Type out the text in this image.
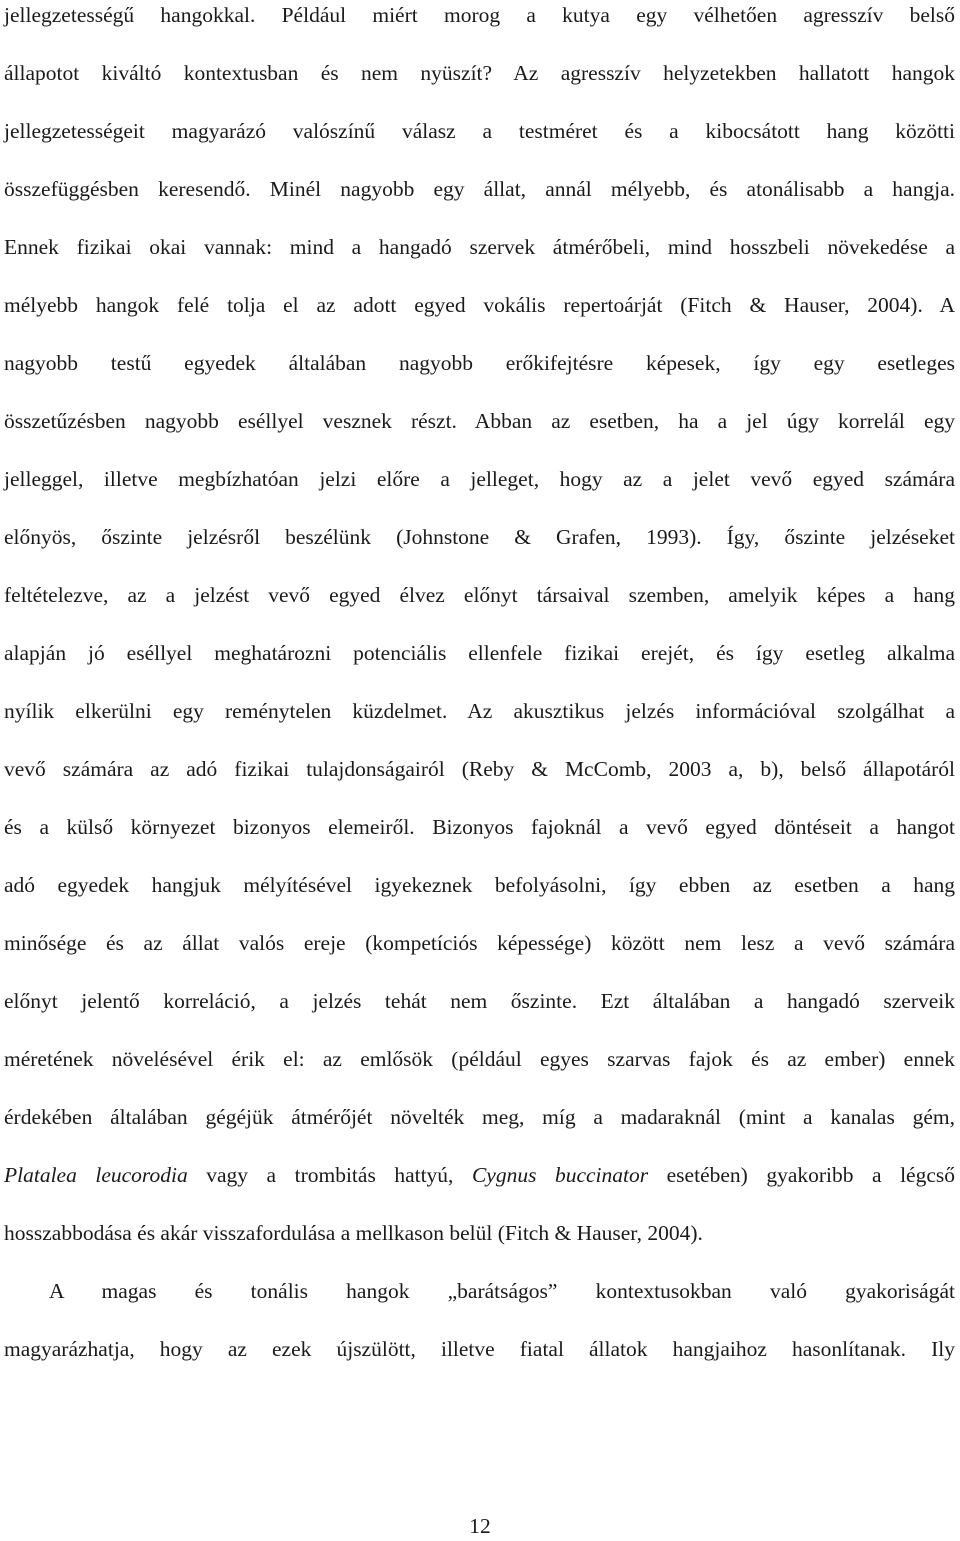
jellegzetességű hangokkal. Például miért morog a kutya egy vélhetően agresszív belső
állapotot kiváltó kontextusban és nem nyüszít? Az agresszív helyzetekben hallatott hangok
jellegzetességeit magyarázó valószínű válasz a testméret és a kibocsátott hang közötti
összefüggésben keresendő. Minél nagyobb egy állat, annál mélyebb, és atonálisabb a hangja.
Ennek fizikai okai vannak: mind a hangadó szervek átmérőbeli, mind hosszbeli növekedése a
mélyebb hangok felé tolja el az adott egyed vokális repertoárját (Fitch & Hauser, 2004). A
nagyobb testű egyedek általában nagyobb erőkifejtésre képesek, így egy esetleges
összetűzésben nagyobb eséllyel vesznek részt. Abban az esetben, ha a jel úgy korrelál egy
jelleggel, illetve megbízhatóan jelzi előre a jelleget, hogy az a jelet vevő egyed számára
előnyös, őszinte jelzésről beszélünk (Johnstone & Grafen, 1993). Így, őszinte jelzéseket
feltételezve, az a jelzést vevő egyed élvez előnyt társaival szemben, amelyik képes a hang
alapján jó eséllyel meghatározni potenciális ellenfele fizikai erejét, és így esetleg alkalma
nyílik elkerülni egy reménytelen küzdelmet. Az akusztikus jelzés információval szolgálhat a
vevő számára az adó fizikai tulajdonságairól (Reby & McComb, 2003 a, b), belső állapotáról
és a külső környezet bizonyos elemeiről. Bizonyos fajoknál a vevő egyed döntéseit a hangot
adó egyedek hangjuk mélyítésével igyekeznek befolyásolni, így ebben az esetben a hang
minősége és az állat valós ereje (kompetíciós képessége) között nem lesz a vevő számára
előnyt jelentő korreláció, a jelzés tehát nem őszinte. Ezt általában a hangadó szerveik
méretének növelésével érik el: az emlősök (például egyes szarvas fajok és az ember) ennek
érdekében általában gégéjük átmérőjét növelték meg, míg a madaraknál (mint a kanalas gém,
Platalea leucorodia vagy a trombitás hattyú, Cygnus buccinator esetében) gyakoribb a légcső
hosszabbodása és akár visszafordulása a mellkason belül (Fitch & Hauser, 2004).
A magas és tonális hangok „barátságos” kontextusokban való gyakoriságát
magyarázhatja, hogy az ezek újszülött, illetve fiatal állatok hangjaihoz hasonlítanak. Ily
12
